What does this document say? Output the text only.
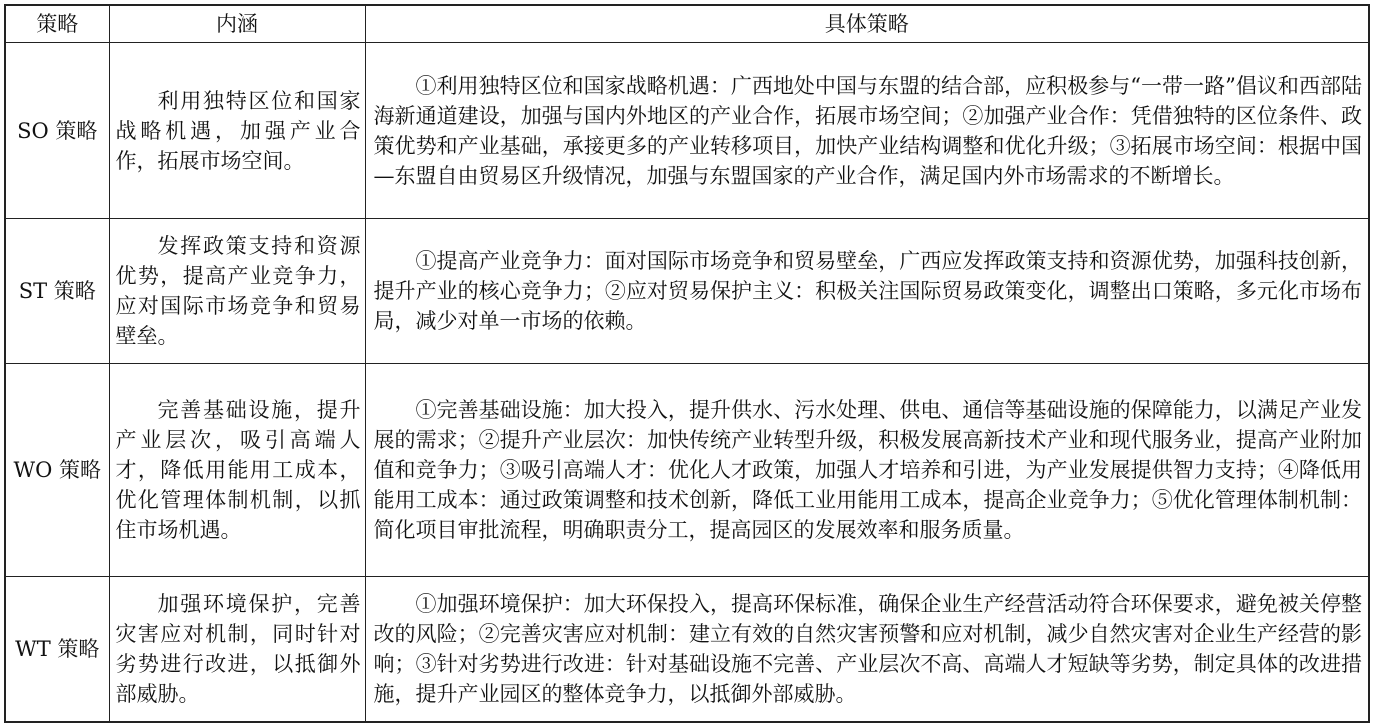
策略	内涵	具体策略
SO 策略	利用独特区位和国家战略机遇，加强产业合作，拓展市场空间。	①利用独特区位和国家战略机遇：广西地处中国与东盟的结合部，应积极参与“一带一路”倡议和西部陆海新通道建设，加强与国内外地区的产业合作，拓展市场空间；②加强产业合作：凭借独特的区位条件、政策优势和产业基础，承接更多的产业转移项目，加快产业结构调整和优化升级；③拓展市场空间：根据中国—东盟自由贸易区升级情况，加强与东盟国家的产业合作，满足国内外市场需求的不断增长。

ST 策略	发挥政策支持和资源优势，提高产业竞争力，应对国际市场竞争和贸易壁垒。	①提高产业竞争力：面对国际市场竞争和贸易壁垒，广西应发挥政策支持和资源优势，加强科技创新，提升产业的核心竞争力；②应对贸易保护主义：积极关注国际贸易政策变化，调整出口策略，多元化市场布局，减少对单一市场的依赖。

WO 策略	完善基础设施，提升产业层次，吸引高端人才，降低用能用工成本，优化管理体制机制，以抓住市场机遇。	①完善基础设施：加大投入，提升供水、污水处理、供电、通信等基础设施的保障能力，以满足产业发展的需求；②提升产业层次：加快传统产业转型升级，积极发展高新技术产业和现代服务业，提高产业附加值和竞争力；③吸引高端人才：优化人才政策，加强人才培养和引进，为产业发展提供智力支持；④降低用能用工成本：通过政策调整和技术创新，降低工业用能用工成本，提高企业竞争力；⑤优化管理体制机制：简化项目审批流程，明确职责分工，提高园区的发展效率和服务质量。

WT 策略	加强环境保护，完善灾害应对机制，同时针对劣势进行改进，以抵御外部威胁。	①加强环境保护：加大环保投入，提高环保标准，确保企业生产经营活动符合环保要求，避免被关停整改的风险；②完善灾害应对机制：建立有效的自然灾害预警和应对机制，减少自然灾害对企业生产经营的影响；③针对劣势进行改进：针对基础设施不完善、产业层次不高、高端人才短缺等劣势，制定具体的改进措施，提升产业园区的整体竞争力，以抵御外部威胁。
